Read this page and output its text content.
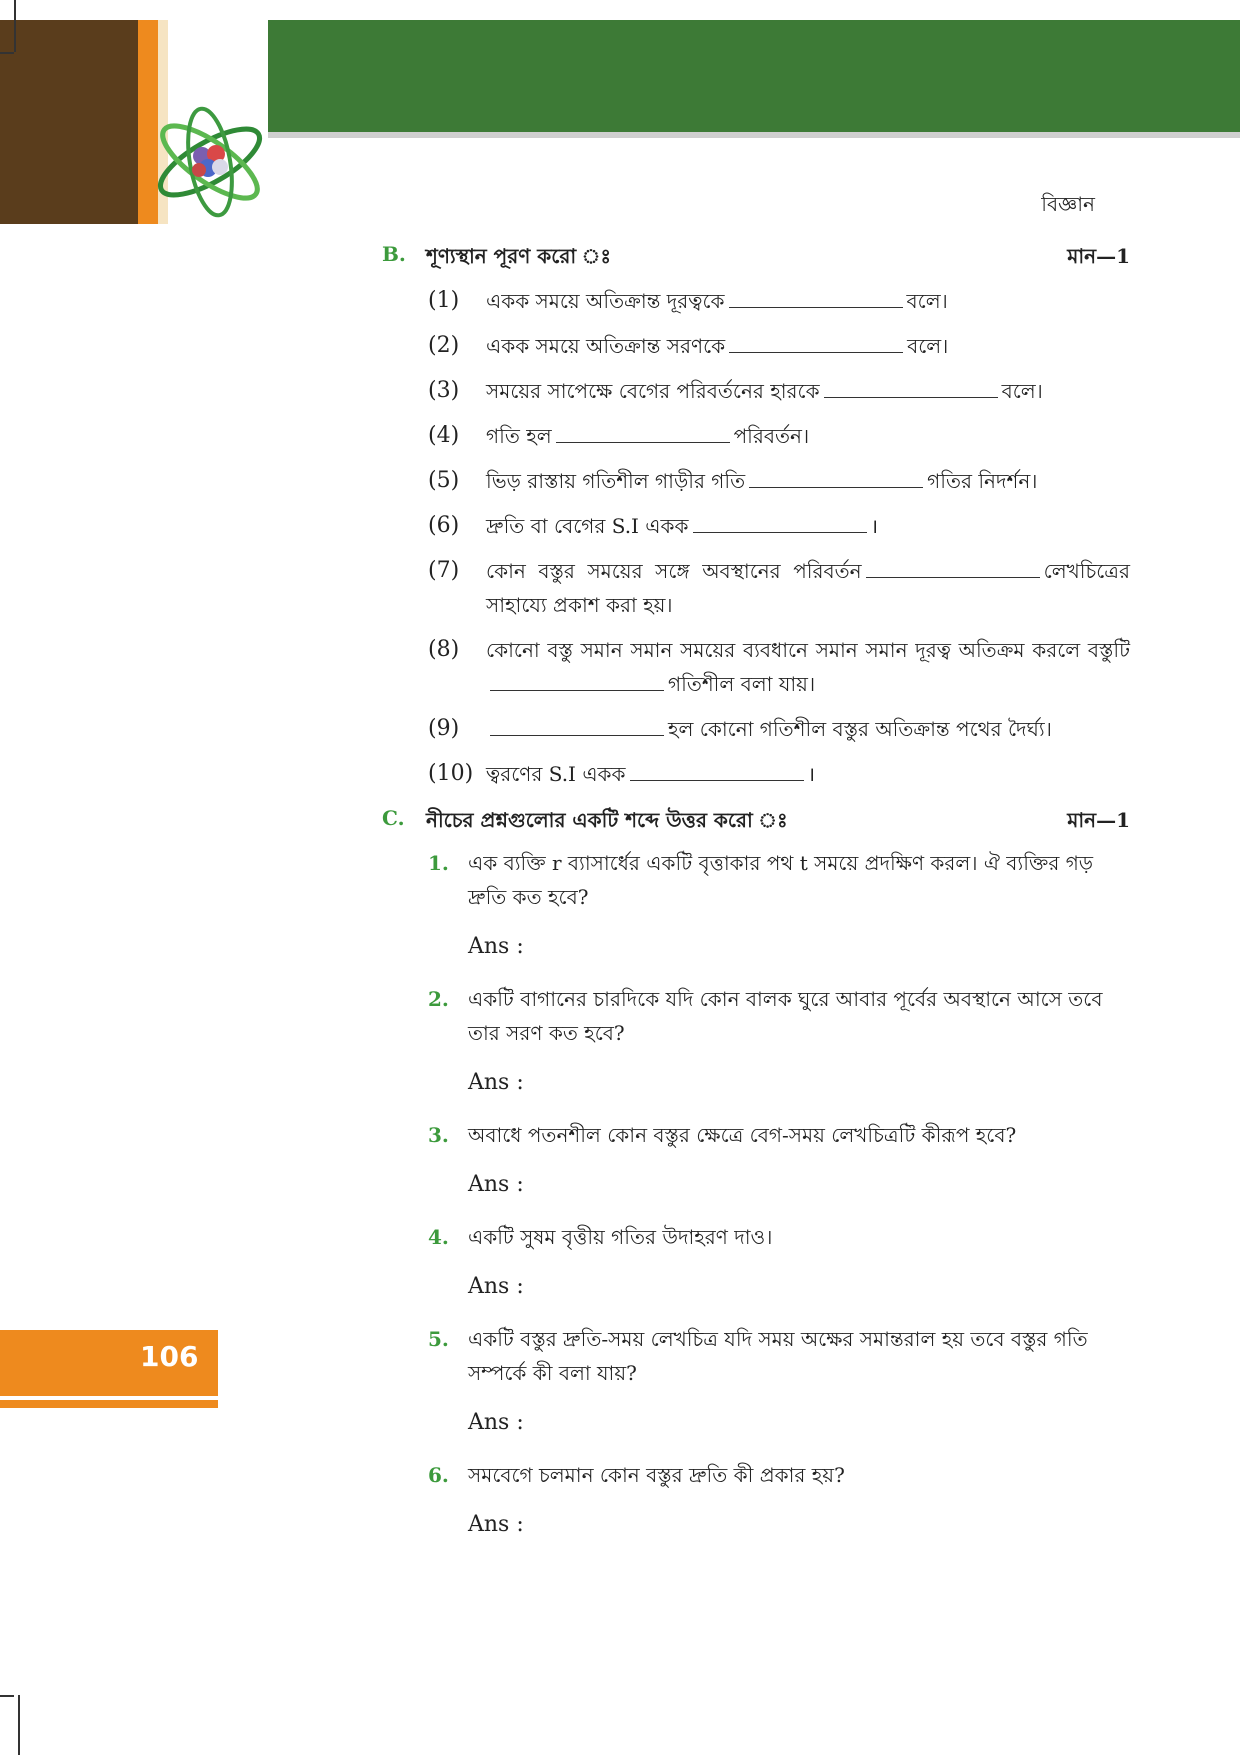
বিজ্ঞান
B. শূণ্যস্থান পূরণ করো ঃ	মান—1
(1)	একক সময়ে অতিক্রান্ত দূরত্বকে	বলে।
(2)	একক সময়ে অতিক্রান্ত সরণকে	বলে।
(3)	সময়ের সাপেক্ষে বেগের পরিবর্তনের হারকে	বলে।
(4)	গতি হল	পরিবর্তন।
(5)	ভিড় রাস্তায় গতিশীল গাড়ীর গতি	গতির নিদর্শন।
(6)	দ্রুতি বা বেগের S.I একক	।
(7)	কোন বস্তুর সময়ের সঙ্গে অবস্থানের পরিবর্তন	লেখচিত্রের সাহায্যে প্রকাশ করা হয়।
(8)	কোনো বস্তু সমান সমান সময়ের ব্যবধানে সমান সমান দূরত্ব অতিক্রম করলে বস্তুটিগতিশীল বলা যায়।
(9)	হল কোনো গতিশীল বস্তুর অতিক্রান্ত পথের দৈর্ঘ্য।
(10) ত্বরণের S.I একক	।
C. নীচের প্রশ্নগুলোর একটি শব্দে উত্তর করো ঃ	মান—1
1. এক ব্যক্তি r ব্যাসার্ধের একটি বৃত্তাকার পথ t সময়ে প্রদক্ষিণ করল। ঐ ব্যক্তির গড় দ্রুতি কত হবে?
Ans :
2. একটি বাগানের চারদিকে যদি কোন বালক ঘুরে আবার পূর্বের অবস্থানে আসে তবে তার সরণ কত হবে?
Ans :
3. অবাধে পতনশীল কোন বস্তুর ক্ষেত্রে বেগ-সময় লেখচিত্রটি কীরূপ হবে?
Ans :
4. একটি সুষম বৃত্তীয় গতির উদাহরণ দাও।
Ans :
5. একটি বস্তুর দ্রুতি-সময় লেখচিত্র যদি সময় অক্ষের সমান্তরাল হয় তবে বস্তুর গতি সম্পর্কে কী বলা যায়?
Ans :
6. সমবেগে চলমান কোন বস্তুর দ্রুতি কী প্রকার হয়?
Ans :
106
